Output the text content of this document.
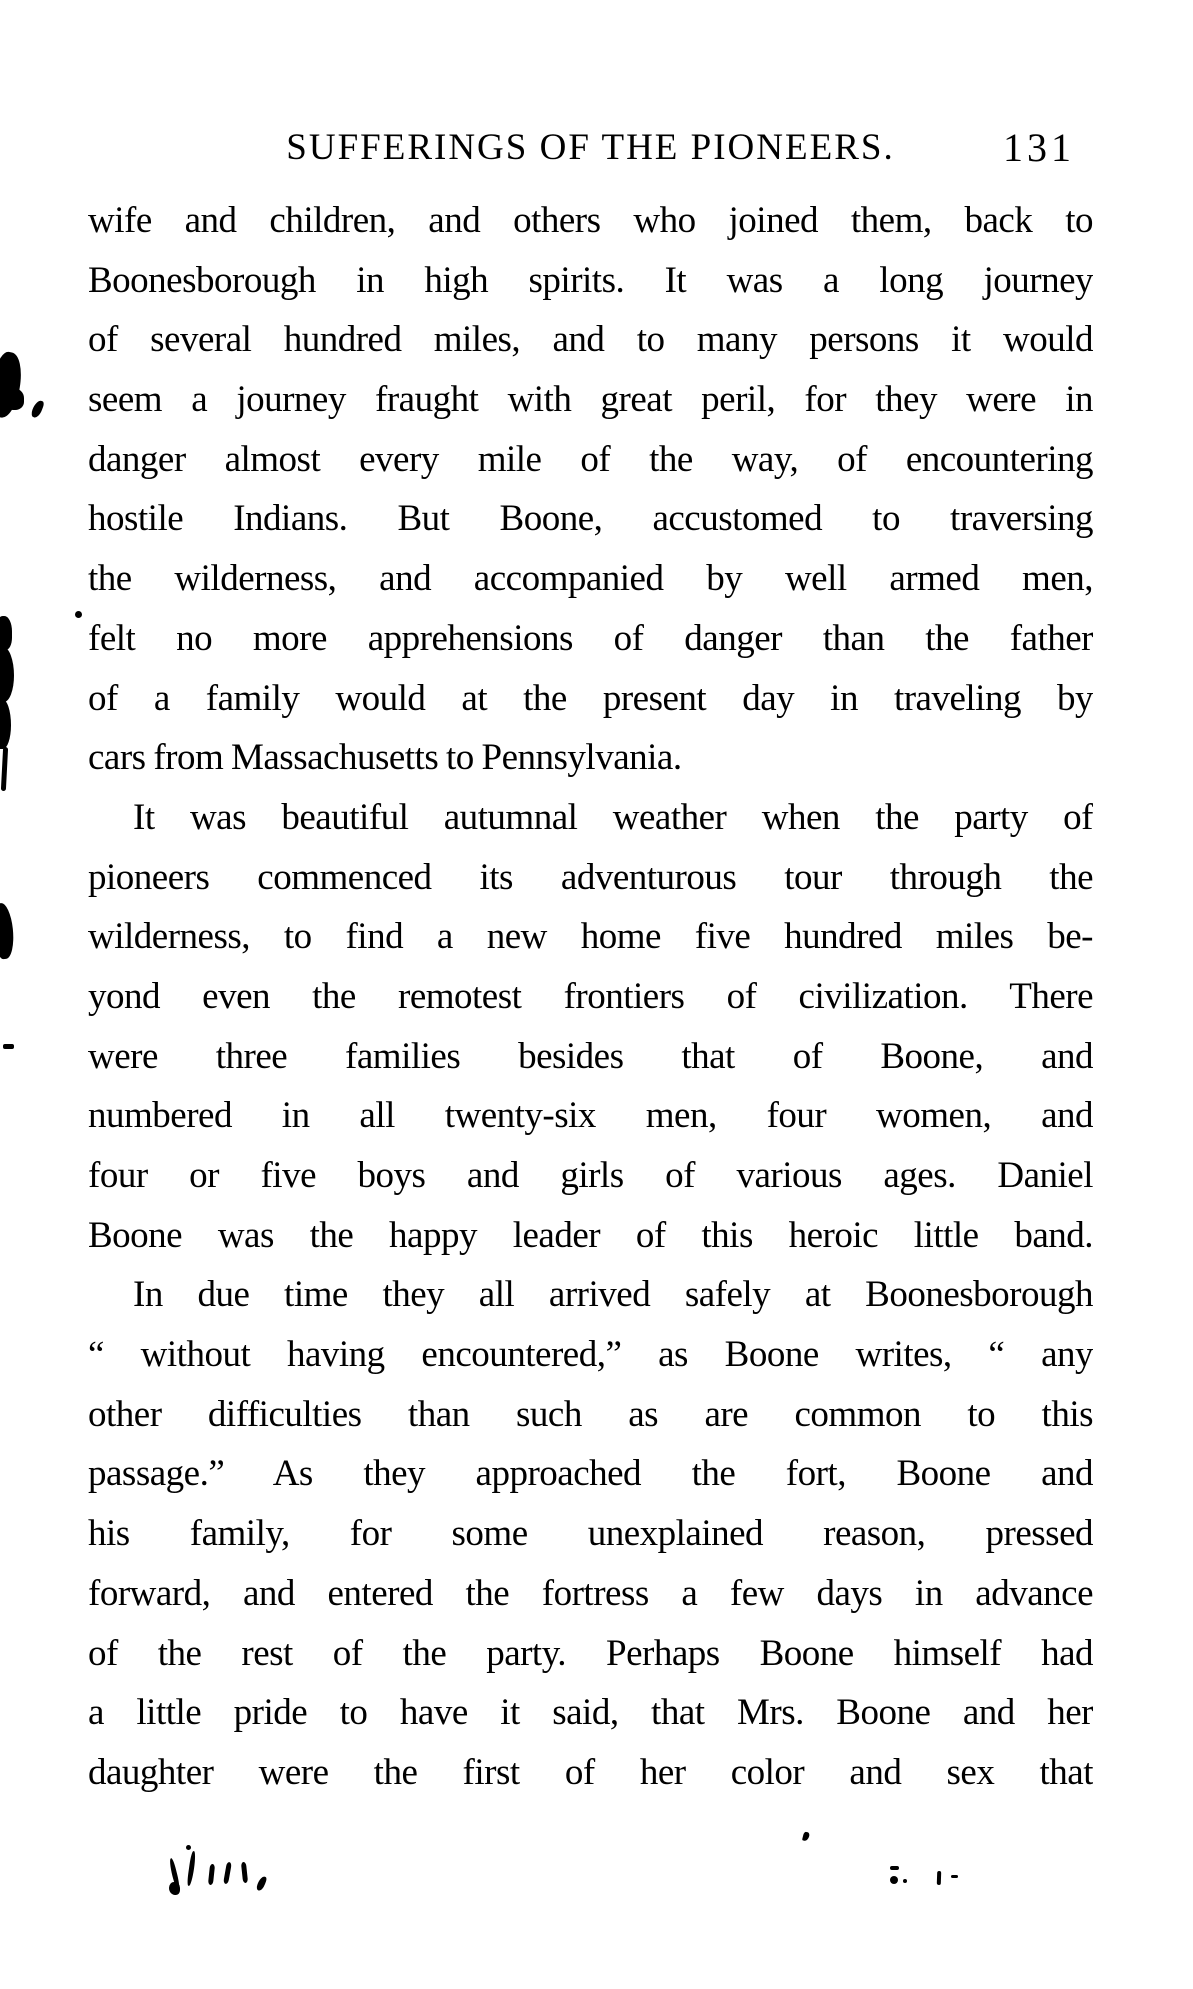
SUFFERINGS OF THE PIONEERS.	131
wife and children, and others who joined them, back to
Boonesborough in high spirits. It was a long journey
of several hundred miles, and to many persons it would
seem a journey fraught with great peril, for they were in
danger almost every mile of the way, of encountering
hostile Indians. But Boone, accustomed to traversing
the wilderness, and accompanied by well armed men,
felt no more apprehensions of danger than the father
of a family would at the present day in traveling by
cars from Massachusetts to Pennsylvania.
It was beautiful autumnal weather when the party of
pioneers commenced its adventurous tour through the
wilderness, to find a new home five hundred miles be-
yond even the remotest frontiers of civilization. There
were three families besides that of Boone, and
numbered in all twenty-six men, four women, and
four or five boys and girls of various ages. Daniel
Boone was the happy leader of this heroic little band.
In due time they all arrived safely at Boonesborough
“ without having encountered,” as Boone writes, “ any
other difficulties than such as are common to this
passage.” As they approached the fort, Boone and
his family, for some unexplained reason, pressed
forward, and entered the fortress a few days in advance
of the rest of the party. Perhaps Boone himself had
a little pride to have it said, that Mrs. Boone and her
daughter were the first of her color and sex that
